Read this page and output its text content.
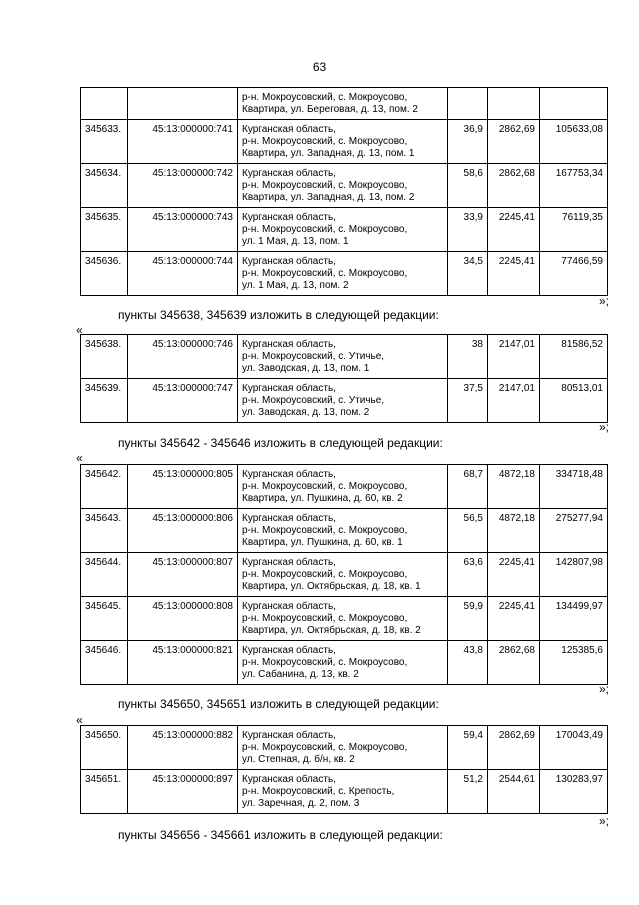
63

		р-н. Мокроусовский, с. Мокроусово,
Квартира, ул. Береговая, д. 13, пом. 2			

345633.	45:13:000000:741	Курганская область,
р-н. Мокроусовский, с. Мокроусово,
Квартира, ул. Западная, д. 13, пом. 1	36,9	2862,69	105633,08
345634.	45:13:000000:742	Курганская область,
р-н. Мокроусовский, с. Мокроусово,
Квартира, ул. Западная, д. 13, пом. 2	58,6	2862,68	167753,34
345635.	45:13:000000:743	Курганская область,
р-н. Мокроусовский, с. Мокроусово,
ул. 1 Мая, д. 13, пом. 1	33,9	2245,41	76119,35
345636.	45:13:000000:744	Курганская область,
р-н. Мокроусовский, с. Мокроусово,
ул. 1 Мая, д. 13, пом. 2	34,5	2245,41	77466,59
»;
пункты 345638, 345639 изложить в следующей редакции:
«
345638.	45:13:000000:746	Курганская область,
р-н. Мокроусовский, с. Утичье,
ул. Заводская, д. 13, пом. 1	38	2147,01	81586,52
345639.	45:13:000000:747	Курганская область,
р-н. Мокроусовский, с. Утичье,
ул. Заводская, д. 13, пом. 2	37,5	2147,01	80513,01
»;
пункты 345642 - 345646 изложить в следующей редакции:
«
345642.	45:13:000000:805	Курганская область,
р-н. Мокроусовский, с. Мокроусово,
Квартира, ул. Пушкина, д. 60, кв. 2	68,7	4872,18	334718,48
345643.	45:13:000000:806	Курганская область,
р-н. Мокроусовский, с. Мокроусово,
Квартира, ул. Пушкина, д. 60, кв. 1	56,5	4872,18	275277,94
345644.	45:13:000000:807	Курганская область,
р-н. Мокроусовский, с. Мокроусово,
Квартира, ул. Октябрьская, д. 18, кв. 1	63,6	2245,41	142807,98
345645.	45:13:000000:808	Курганская область,
р-н. Мокроусовский, с. Мокроусово,
Квартира, ул. Октябрьская, д. 18, кв. 2	59,9	2245,41	134499,97
345646.	45:13:000000:821	Курганская область,
р-н. Мокроусовский, с. Мокроусово,
ул. Сабанина, д. 13, кв. 2	43,8	2862,68	125385,6
»;
пункты 345650, 345651 изложить в следующей редакции:
«
345650.	45:13:000000:882	Курганская область,
р-н. Мокроусовский, с. Мокроусово,
ул. Степная, д. б/н, кв. 2	59,4	2862,69	170043,49
345651.	45:13:000000:897	Курганская область,
р-н. Мокроусовский, с. Крепость,
ул. Заречная, д. 2, пом. 3	51,2	2544,61	130283,97
»;
пункты 345656 - 345661 изложить в следующей редакции:
